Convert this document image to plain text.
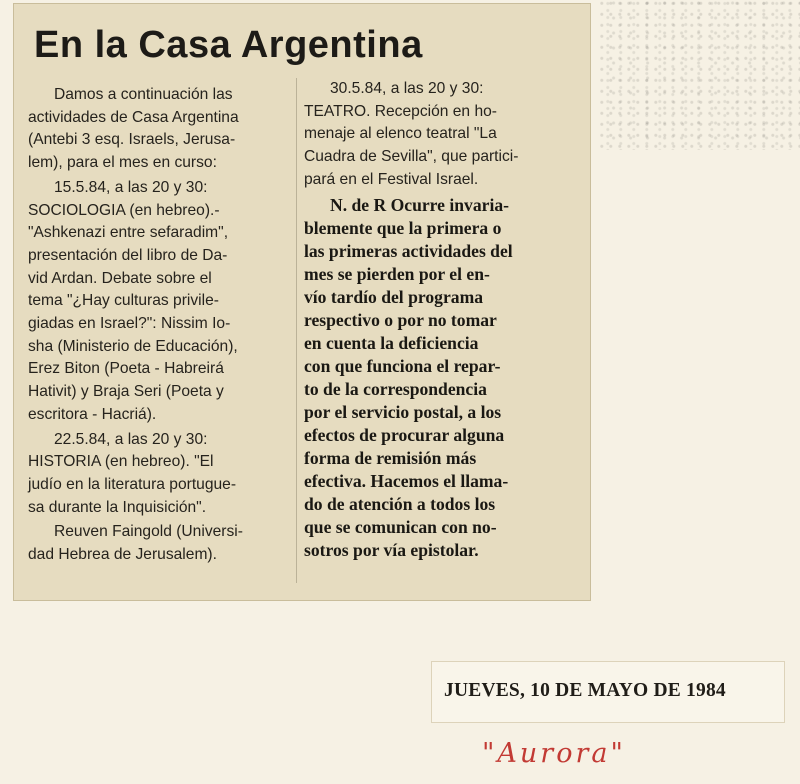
En la Casa Argentina

Damos a continuación las
actividades de Casa Argentina
(Antebi 3 esq. Israels, Jerusa-
lem), para el mes en curso:

15.5.84, a las 20 y 30:
SOCIOLOGIA (en hebreo).-
"Ashkenazi entre sefaradim",
presentación del libro de Da-
vid Ardan. Debate sobre el
tema "¿Hay culturas privile-
giadas en Israel?": Nissim Io-
sha (Ministerio de Educación),
Erez Biton (Poeta - Habreirá
Hativit) y Braja Seri (Poeta y
escritora - Hacriá).

22.5.84, a las 20 y 30:
HISTORIA (en hebreo). "El
judío en la literatura portugue-
sa durante la Inquisición".

Reuven Faingold (Universi-
dad Hebrea de Jerusalem).

30.5.84, a las 20 y 30:
TEATRO. Recepción en ho-
menaje al elenco teatral "La
Cuadra de Sevilla", que partici-
pará en el Festival Israel.

N. de R Ocurre invaria-
blemente que la primera o
las primeras actividades del
mes se pierden por el en-
vío tardío del programa
respectivo o por no tomar
en cuenta la deficiencia
con que funciona el repar-
to de la correspondencia
por el servicio postal, a los
efectos de procurar alguna
forma de remisión más
efectiva. Hacemos el llama-
do de atención a todos los
que se comunican con no-
sotros por vía epistolar.

JUEVES, 10 DE MAYO DE 1984
"Aurora"
